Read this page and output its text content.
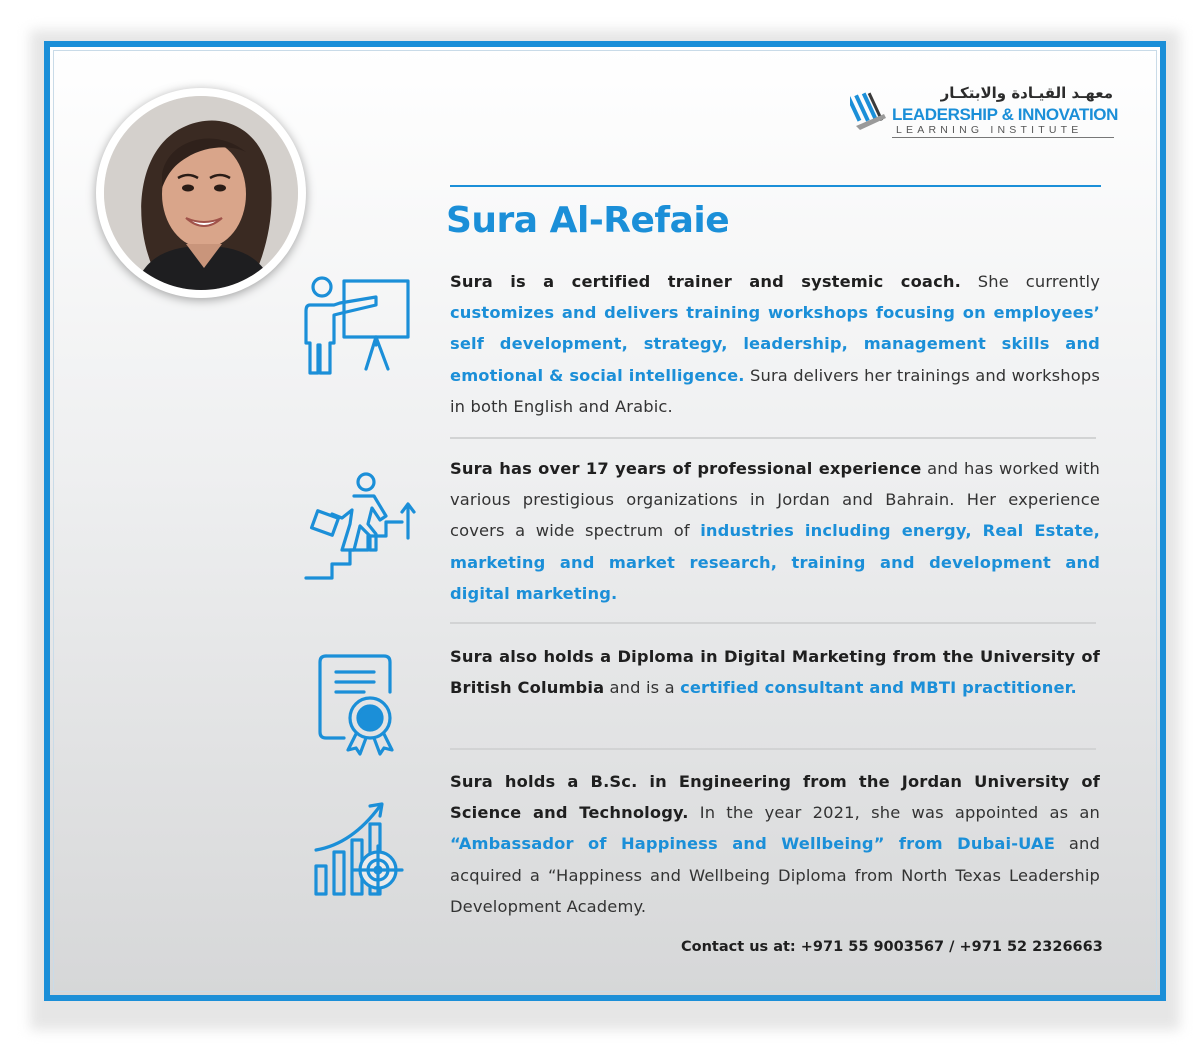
معهـد القيـادة والابتكـار
LEADERSHIP & INNOVATION
LEARNING INSTITUTE
Sura Al-Refaie

Sura is a certified trainer and systemic coach. She currently customizes and delivers training workshops focusing on employees’ self development, strategy, leadership, management skills and emotional & social intelligence. Sura delivers her trainings and workshops in both English and Arabic.

Sura has over 17 years of professional experience and has worked with various prestigious organizations in Jordan and Bahrain. Her experience covers a wide spectrum of industries including energy, Real Estate, marketing and market research, training and development and digital marketing.

Sura also holds a Diploma in Digital Marketing from the University of British Columbia and is a certified consultant and MBTI practitioner.

Sura holds a B.Sc. in Engineering from the Jordan University of Science and Technology. In the year 2021, she was appointed as an “Ambassador of Happiness and Wellbeing” from Dubai-UAE and acquired a “Happiness and Wellbeing Diploma from North Texas Leadership Development Academy.

Contact us at: +971 55 9003567 / +971 52 2326663
